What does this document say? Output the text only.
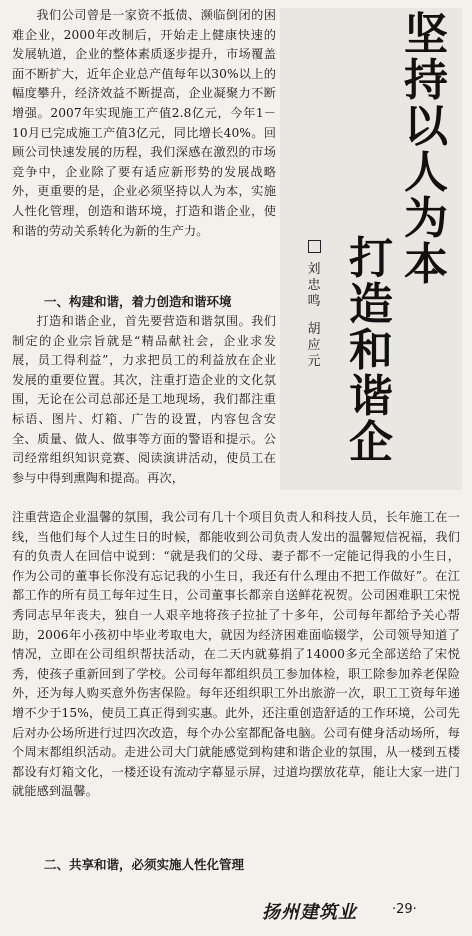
坚
持
以
人
为
本
打
造
和
谐
企
刘
忠
鸣
胡
应
元

我们公司曾是一家资不抵债、濒临倒闭的困难企业，2000年改制后，开始走上健康快速的发展轨道，企业的整体素质逐步提升，市场覆盖面不断扩大，近年企业总产值每年以30%以上的幅度攀升，经济效益不断提高，企业凝聚力不断增强。2007年实现施工产值2.8亿元，今年1－10月已完成施工产值3亿元，同比增长40%。回顾公司快速发展的历程，我们深感在激烈的市场竞争中，企业除了要有适应新形势的发展战略外，更重要的是，企业必须坚持以人为本，实施人性化管理，创造和谐环境，打造和谐企业，使和谐的劳动关系转化为新的生产力。

一、构建和谐，着力创造和谐环境

打造和谐企业，首先要营造和谐氛围。我们制定的企业宗旨就是“精品献社会，企业求发展，员工得利益”，力求把员工的利益放在企业发展的重要位置。其次，注重打造企业的文化氛围，无论在公司总部还是工地现场，我们都注重标语、图片、灯箱、广告的设置，内容包含安全、质量、做人、做事等方面的警语和提示。公司经常组织知识竞赛、阅读演讲活动，使员工在参与中得到熏陶和提高。再次，

注重营造企业温馨的氛围，我公司有几十个项目负责人和科技人员，长年施工在一线，当他们每个人过生日的时候，都能收到公司负责人发出的温馨短信祝福，我们有的负责人在回信中说到：“就是我们的父母、妻子都不一定能记得我的小生日，作为公司的董事长你没有忘记我的小生日，我还有什么理由不把工作做好”。在江都工作的所有员工每年过生日，公司董事长都亲自送鲜花祝贺。公司困难职工宋悦秀同志早年丧夫，独自一人艰辛地将孩子拉扯了十多年，公司每年都给予关心帮助，2006年小孩初中毕业考取电大，就因为经济困难面临辍学，公司领导知道了情况，立即在公司组织帮扶活动，在二天内就募捐了14000多元全部送给了宋悦秀，使孩子重新回到了学校。公司每年都组织员工参加体检，职工除参加养老保险外，还为每人购买意外伤害保险。每年还组织职工外出旅游一次，职工工资每年递增不少于15%，使员工真正得到实惠。此外，还注重创造舒适的工作环境，公司先后对办公场所进行过四次改造，每个办公室都配备电脑。公司有健身活动场所，每个周末都组织活动。走进公司大门就能感觉到构建和谐企业的氛围，从一楼到五楼都设有灯箱文化，一楼还设有流动字幕显示屏，过道均摆放花草，能让大家一进门就能感到温馨。

二、共享和谐，必须实施人性化管理

扬州建筑业	·29·
